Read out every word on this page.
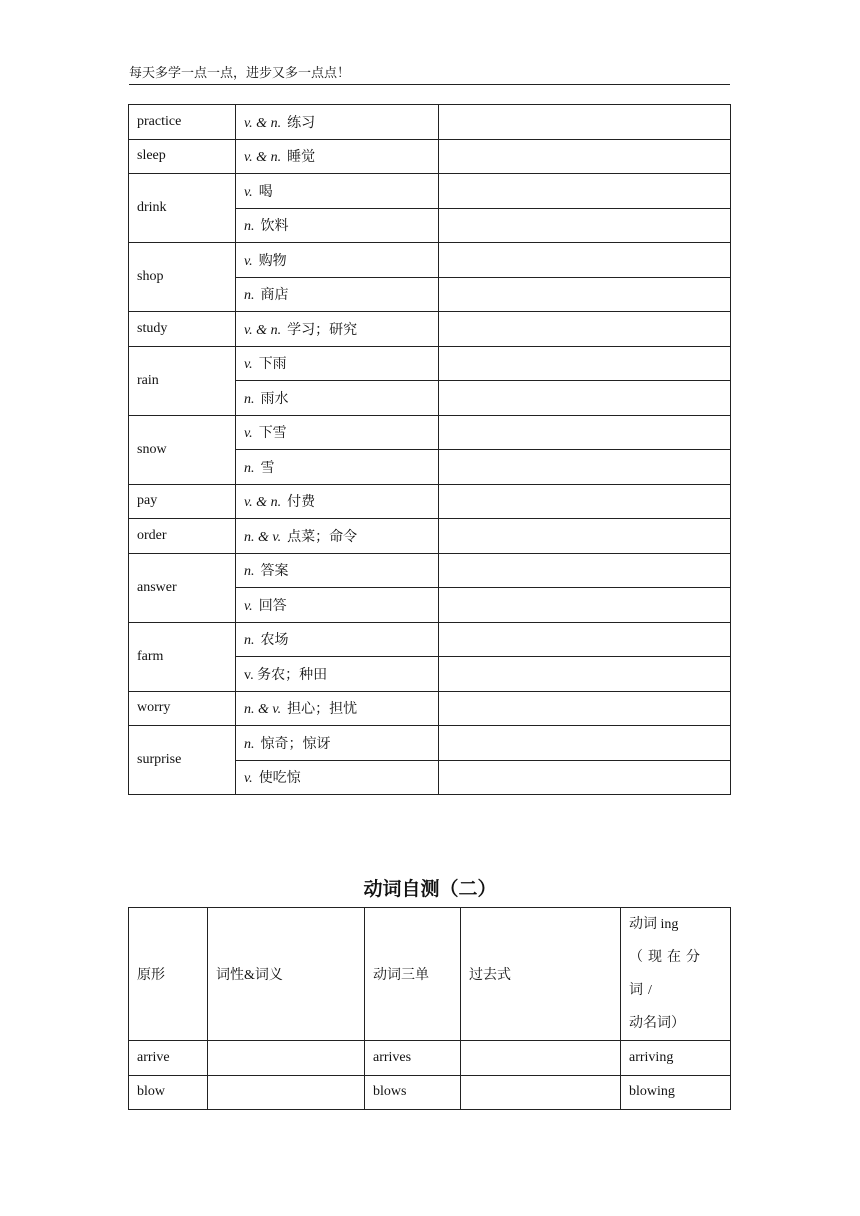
每天多学一点一点，进步又多一点点！
practice	v. & n. 练习	
sleep	v. & n. 睡觉	
drink	v. 喝	
	n. 饮料	
shop	v. 购物	
	n. 商店	
study	v. & n. 学习；研究	
rain	v. 下雨	
	n. 雨水	
snow	v. 下雪	
	n. 雪	
pay	v. & n. 付费	
order	n. & v. 点菜；命令	
answer	n. 答案	
	v. 回答	
farm	n. 农场	
	v. 务农；种田	
worry	n. & v. 担心；担忧	
surprise	n. 惊奇；惊讶	
	v. 使吃惊	
动词自测（二）
原形	词性&词义	动词三单	过去式	动词 ing
（现在分词/
动名词）

arrive		arrives		arriving
blow		blows		blowing
